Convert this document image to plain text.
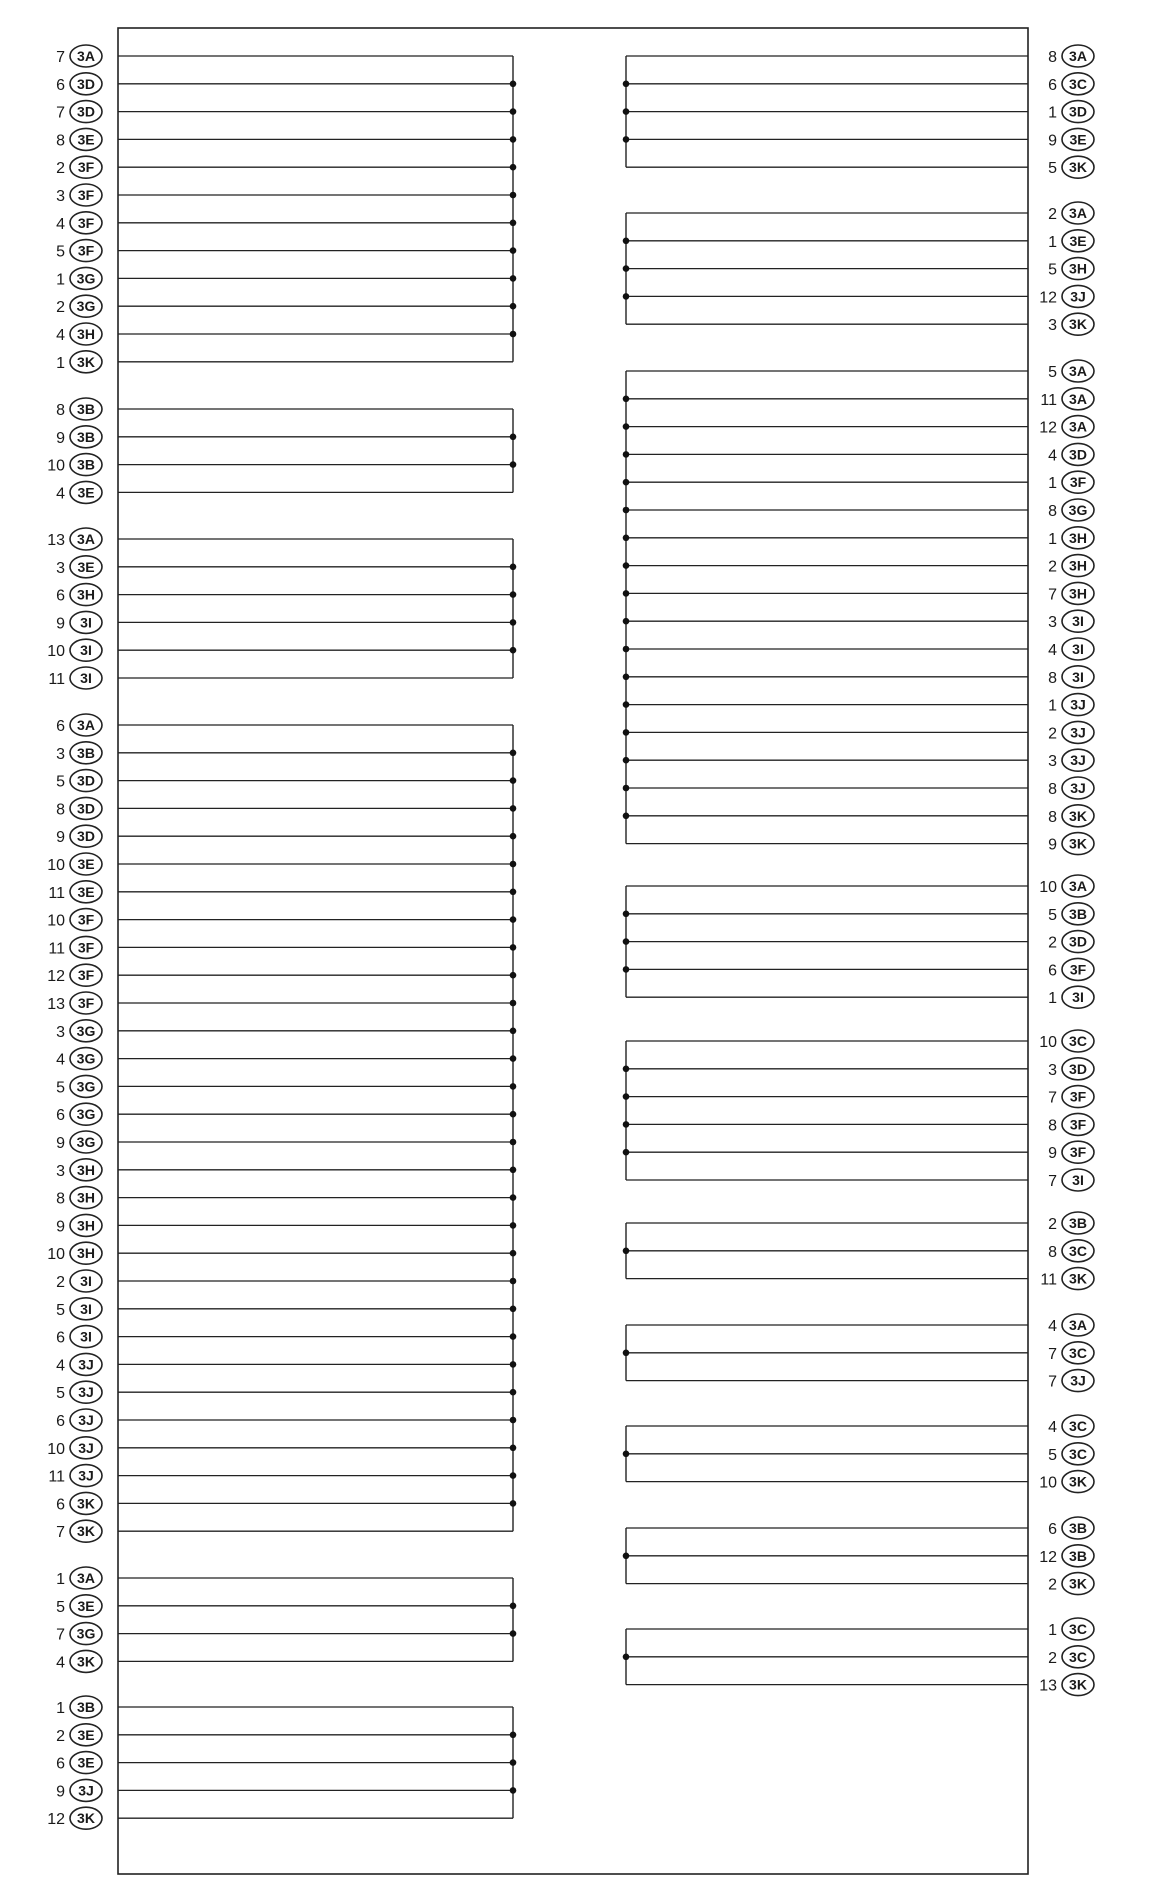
7 3A
6 3D
7 3D
8 3E
2 3F
3 3F
4 3F
5 3F
1 3G
2 3G
4 3H
1 3K
8 3B
9 3B
10 3B
4 3E
13 3A
3 3E
6 3H
9 3I
10 3I
11 3I
6 3A
3 3B
5 3D
8 3D
9 3D
10 3E
11 3E
10 3F
11 3F
12 3F
13 3F
3 3G
4 3G
5 3G
6 3G
9 3G
3 3H
8 3H
9 3H
10 3H
2 3I
5 3I
6 3I
4 3J
5 3J
6 3J
10 3J
11 3J
6 3K
7 3K
1 3A
5 3E
7 3G
4 3K
1 3B
2 3E
6 3E
9 3J
12 3K
8 3A
6 3C
1 3D
9 3E
5 3K
2 3A
1 3E
5 3H
12 3J
3 3K
5 3A
11 3A
12 3A
4 3D
1 3F
8 3G
1 3H
2 3H
7 3H
3 3I
4 3I
8 3I
1 3J
2 3J
3 3J
8 3J
8 3K
9 3K
10 3A
5 3B
2 3D
6 3F
1 3I
10 3C
3 3D
7 3F
8 3F
9 3F
7 3I
2 3B
8 3C
11 3K
4 3A
7 3C
7 3J
4 3C
5 3C
10 3K
6 3B
12 3B
2 3K
1 3C
2 3C
13 3K
